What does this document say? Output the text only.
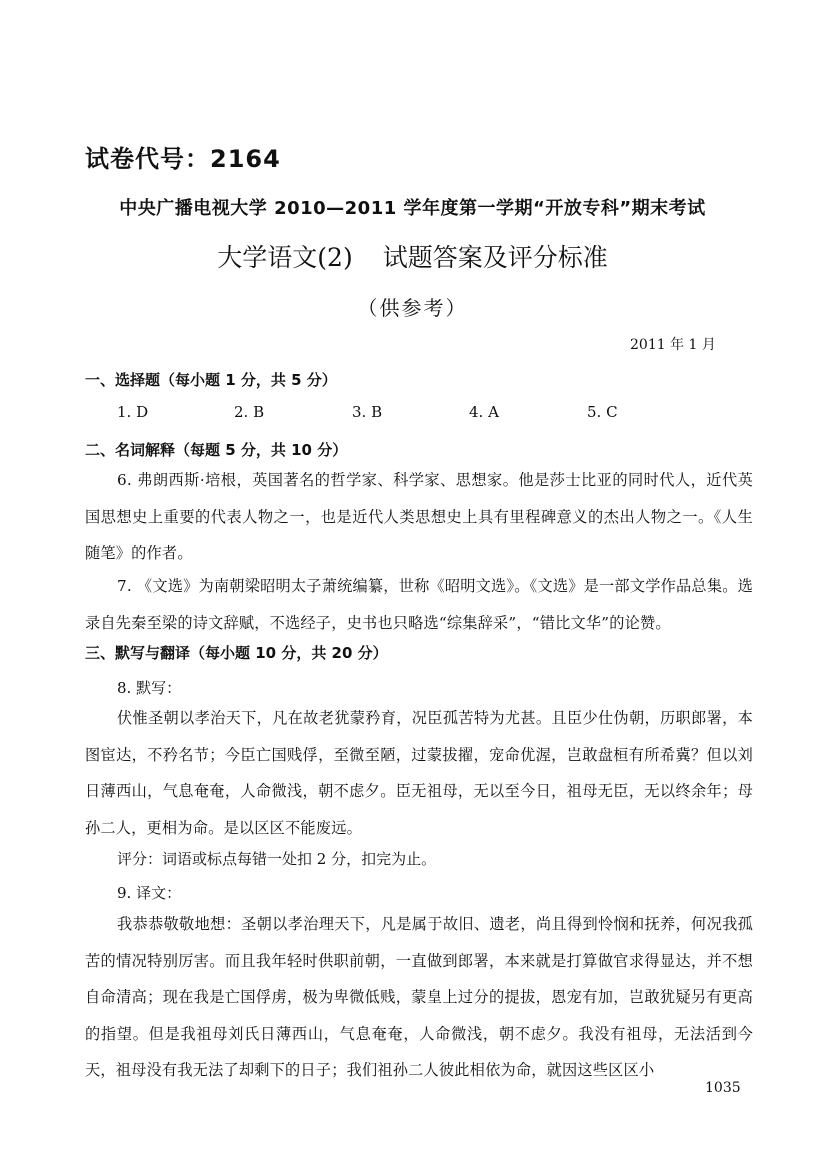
试卷代号：2164
中央广播电视大学 2010—2011 学年度第一学期“开放专科”期末考试
大学语文(2) 试题答案及评分标准
（供参考）
2011 年 1 月
一、选择题（每小题 1 分，共 5 分）
1. D	2. B	3. B	4. A	5. C
二、名词解释（每题 5 分，共 10 分）
6. 弗朗西斯·培根，英国著名的哲学家、科学家、思想家。他是莎士比亚的同时代人，近代英国思想史上重要的代表人物之一，也是近代人类思想史上具有里程碑意义的杰出人物之一。《人生随笔》的作者。
7. 《文选》为南朝梁昭明太子萧统编纂，世称《昭明文选》。《文选》是一部文学作品总集。选录自先秦至梁的诗文辞赋，不选经子，史书也只略选“综集辞采”，“错比文华”的论赞。
三、默写与翻译（每小题 10 分，共 20 分）
8. 默写：
伏惟圣朝以孝治天下，凡在故老犹蒙矜育，况臣孤苦特为尤甚。且臣少仕伪朝，历职郎署，本图宦达，不矜名节；今臣亡国贱俘，至微至陋，过蒙拔擢，宠命优渥，岂敢盘桓有所希冀？但以刘日薄西山，气息奄奄，人命微浅，朝不虑夕。臣无祖母，无以至今日，祖母无臣，无以终余年；母孙二人，更相为命。是以区区不能废远。
评分：词语或标点每错一处扣 2 分，扣完为止。
9. 译文：
我恭恭敬敬地想：圣朝以孝治理天下，凡是属于故旧、遗老，尚且得到怜悯和抚养，何况我孤苦的情况特别厉害。而且我年轻时供职前朝，一直做到郎署，本来就是打算做官求得显达，并不想自命清高；现在我是亡国俘虏，极为卑微低贱，蒙皇上过分的提拔，恩宠有加，岂敢犹疑另有更高的指望。但是我祖母刘氏日薄西山，气息奄奄，人命微浅，朝不虑夕。我没有祖母，无法活到今天，祖母没有我无法了却剩下的日子；我们祖孙二人彼此相依为命，就因这些区区小
1035
